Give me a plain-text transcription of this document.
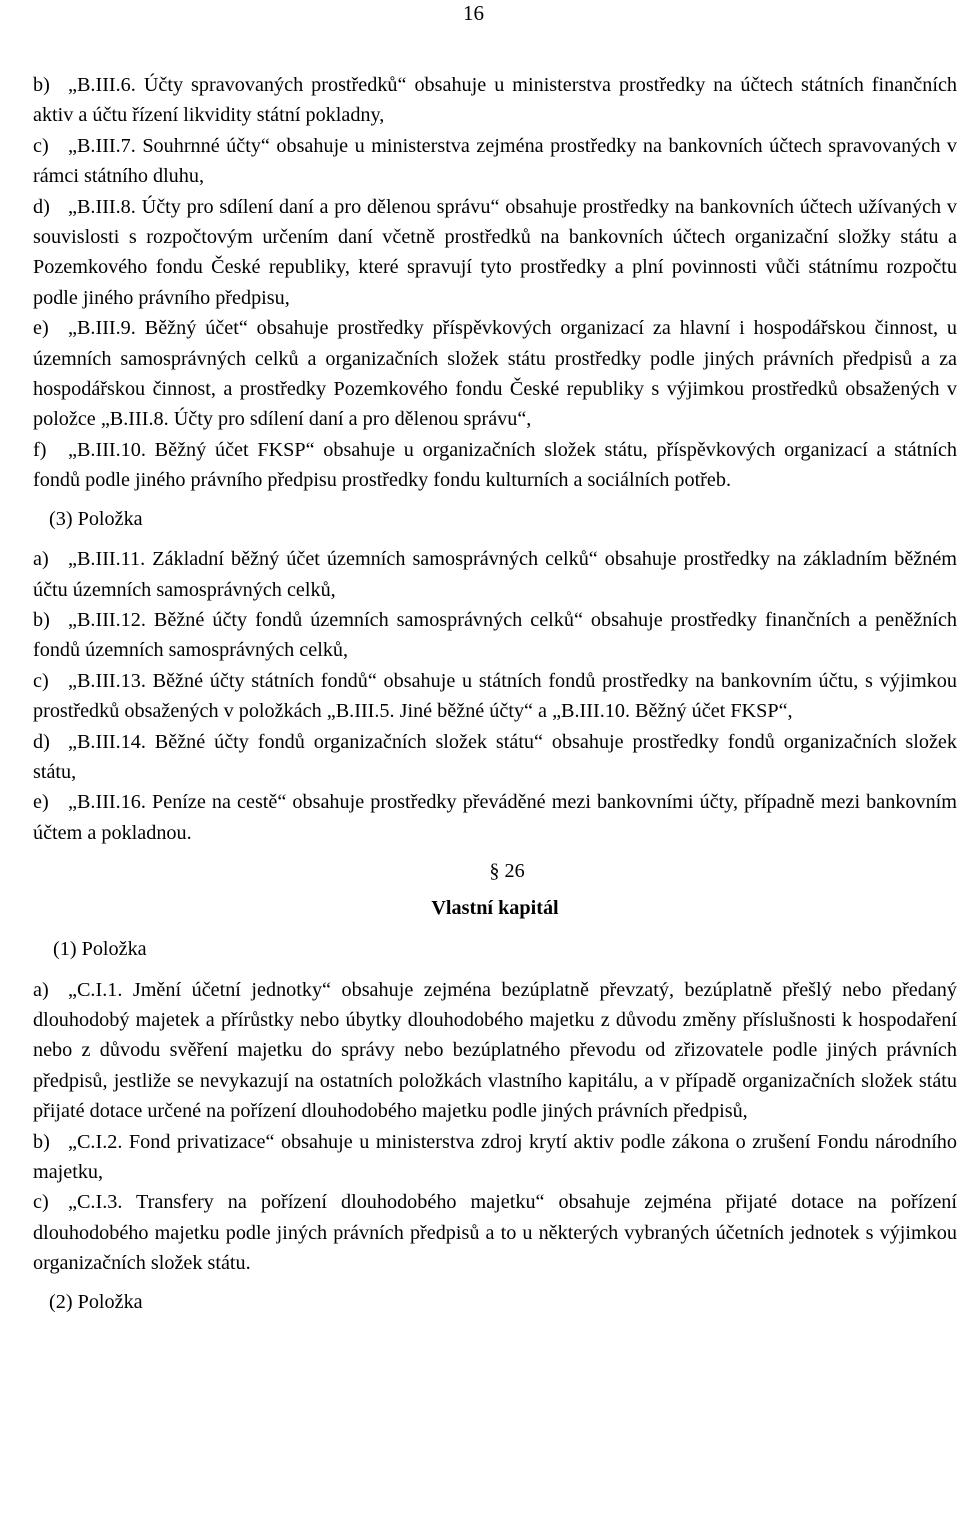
16

b) „B.III.6. Účty spravovaných prostředků“ obsahuje u ministerstva prostředky na účtech státních finančních aktiv a účtu řízení likvidity státní pokladny,

c) „B.III.7. Souhrnné účty“ obsahuje u ministerstva zejména prostředky na bankovních účtech spravovaných v rámci státního dluhu,

d) „B.III.8. Účty pro sdílení daní a pro dělenou správu“ obsahuje prostředky na bankovních účtech užívaných v souvislosti s rozpočtovým určením daní včetně prostředků na bankovních účtech organizační složky státu a Pozemkového fondu České republiky, které spravují tyto prostředky a plní povinnosti vůči státnímu rozpočtu podle jiného právního předpisu,

e) „B.III.9. Běžný účet“ obsahuje prostředky příspěvkových organizací za hlavní i hospodářskou činnost, u územních samosprávných celků a organizačních složek státu prostředky podle jiných právních předpisů a za hospodářskou činnost, a prostředky Pozemkového fondu České republiky s výjimkou prostředků obsažených v položce „B.III.8. Účty pro sdílení daní a pro dělenou správu“,

f) „B.III.10. Běžný účet FKSP“ obsahuje u organizačních složek státu, příspěvkových organizací a státních fondů podle jiného právního předpisu prostředky fondu kulturních a sociálních potřeb.

(3) Položka

a) „B.III.11. Základní běžný účet územních samosprávných celků“ obsahuje prostředky na základním běžném účtu územních samosprávných celků,

b) „B.III.12. Běžné účty fondů územních samosprávných celků“ obsahuje prostředky finančních a peněžních fondů územních samosprávných celků,

c) „B.III.13. Běžné účty státních fondů“ obsahuje u státních fondů prostředky na bankovním účtu, s výjimkou prostředků obsažených v položkách „B.III.5. Jiné běžné účty“ a „B.III.10. Běžný účet FKSP“,

d) „B.III.14. Běžné účty fondů organizačních složek státu“ obsahuje prostředky fondů organizačních složek státu,

e) „B.III.16. Peníze na cestě“ obsahuje prostředky převáděné mezi bankovními účty, případně mezi bankovním účtem a pokladnou.

§ 26
Vlastní kapitál

(1) Položka

a) „C.I.1. Jmění účetní jednotky“ obsahuje zejména bezúplatně převzatý, bezúplatně přešlý nebo předaný dlouhodobý majetek a přírůstky nebo úbytky dlouhodobého majetku z důvodu změny příslušnosti k hospodaření nebo z důvodu svěření majetku do správy nebo bezúplatného převodu od zřizovatele podle jiných právních předpisů, jestliže se nevykazují na ostatních položkách vlastního kapitálu, a v případě organizačních složek státu přijaté dotace určené na pořízení dlouhodobého majetku podle jiných právních předpisů,

b) „C.I.2. Fond privatizace“ obsahuje u ministerstva zdroj krytí aktiv podle zákona o zrušení Fondu národního majetku,

c) „C.I.3. Transfery na pořízení dlouhodobého majetku“ obsahuje zejména přijaté dotace na pořízení dlouhodobého majetku podle jiných právních předpisů a to u některých vybraných účetních jednotek s výjimkou organizačních složek státu.

(2) Položka
